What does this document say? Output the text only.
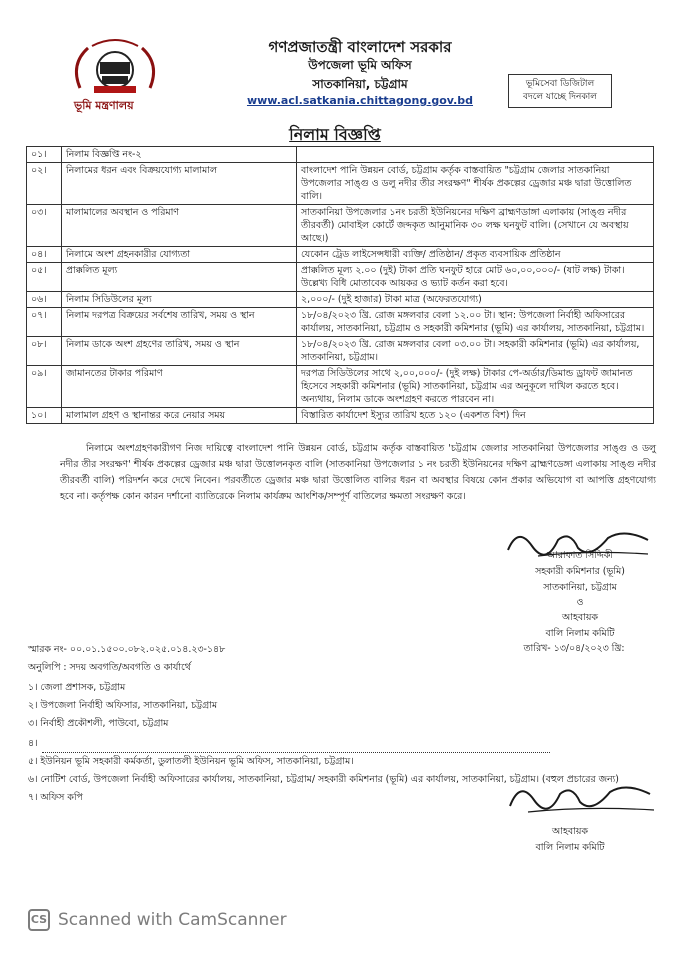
ভূমি মন্ত্রণালয়
গণপ্রজাতন্ত্রী বাংলাদেশ সরকার
উপজেলা ভূমি অফিস
সাতকানিয়া, চট্টগ্রাম
www.acl.satkania.chittagong.gov.bd
ভূমিসেবা ডিজিটাল
বদলে যাচ্ছে দিনকাল
নিলাম বিজ্ঞপ্তি
০১।	নিলাম বিজ্ঞপ্তি নং-২	
০২।	নিলামের ধরন এবং বিক্রয়যোগ্য মালামাল	বাংলাদেশ পানি উন্নয়ন বোর্ড, চট্টগ্রাম কর্তৃক বাস্তবায়িত "চট্টগ্রাম জেলার সাতকানিয়া উপজেলার সাঙ্গু ও ডলু নদীর তীর সংরক্ষণ" শীর্ষক প্রকল্পের ড্রেজার মঞ্চ দ্বারা উত্তোলিত বালি।
০৩।	মালামালের অবস্থান ও পরিমাণ	সাতকানিয়া উপজেলার ১নং চরতী ইউনিয়নের দক্ষিণ ব্রাহ্মণডাঙ্গা এলাকায় (সাঙ্গু নদীর তীরবর্তী) মোবাইল কোর্টে জব্দকৃত আনুমানিক ৩০ লক্ষ ঘনফুট বালি। (সেখানে যে অবস্থায় আছে।)
০৪।	নিলামে অংশ গ্রহনকারীর যোগ্যতা	যেকোন ট্রেড লাইসেন্সধারী ব্যক্তি/ প্রতিষ্ঠান/ প্রকৃত ব্যবসায়িক প্রতিষ্ঠান
০৫।	প্রাক্কলিত মূল্য	প্রাক্কলিত মূল্য ২.০০ (দুই) টাকা প্রতি ঘনফুট হারে মোট ৬০,০০,০০০/- (ষাট লক্ষ) টাকা। উল্লেখ্য বিধি মোতাবেক আয়কর ও ভ্যাট কর্তন করা হবে।
০৬।	নিলাম সিডিউলের মূল্য	২,০০০/- (দুই হাজার) টাকা মাত্র (অফেরতযোগ্য)
০৭।	নিলাম দরপত্র বিক্রয়ের সর্বশেষ তারিখ, সময় ও স্থান	১৮/০৪/২০২৩ খ্রি. রোজ মঙ্গলবার বেলা ১২.০০ টা। স্থান: উপজেলা নির্বাহী অফিসারের কার্যালয়, সাতকানিয়া, চট্টগ্রাম ও সহকারী কমিশনার (ভূমি) এর কার্যালয়, সাতকানিয়া, চট্টগ্রাম।
০৮।	নিলাম ডাকে অংশ গ্রহণের তারিখ, সময় ও স্থান	১৮/০৪/২০২৩ খ্রি. রোজ মঙ্গলবার বেলা ০৩.০০ টা। সহকারী কমিশনার (ভূমি) এর কার্যালয়, সাতকানিয়া, চট্টগ্রাম।
০৯।	জামানতের টাকার পরিমাণ	দরপত্র সিডিউলের সাথে ২,০০,০০০/- (দুই লক্ষ) টাকার পে-অর্ডার/ডিমান্ড ড্রাফট জামানত হিসেবে সহকারী কমিশনার (ভূমি) সাতকানিয়া, চট্টগ্রাম এর অনুকূলে দাখিল করতে হবে। অন্যথায়, নিলাম ডাকে অংশগ্রহণ করতে পারবেন না।
১০।	মালামাল গ্রহণ ও স্থানান্তর করে নেয়ার সময়	বিস্তারিত কার্যাদেশ ইস্যুর তারিখ হতে ১২০ (একশত বিশ) দিন
নিলামে অংশগ্রহণকারীগণ নিজ দায়িত্বে বাংলাদেশ পানি উন্নয়ন বোর্ড, চট্টগ্রাম কর্তৃক বাস্তবায়িত 'চট্টগ্রাম জেলার সাতকানিয়া উপজেলার সাঙ্গু ও ডলু নদীর তীর সংরক্ষণ' শীর্ষক প্রকল্পের ড্রেজার মঞ্চ দ্বারা উত্তোলনকৃত বালি (সাতকানিয়া উপজেলার ১ নং চরতী ইউনিয়নের দক্ষিণ ব্রাহ্মণডেঙ্গা এলাকায় সাঙ্গু নদীর তীরবর্তী বালি) পরিদর্শন করে দেখে নিবেন। পরবর্তীতে ড্রেজার মঞ্চ দ্বারা উত্তোলিত বালির ধরন বা অবস্থার বিষয়ে কোন প্রকার অভিযোগ বা আপত্তি গ্রহণযোগ্য হবে না। কর্তৃপক্ষ কোন কারন দর্শানো ব্যাতিরেকে নিলাম কার্যক্রম আংশিক/সম্পূর্ণ বাতিলের ক্ষমতা সংরক্ষণ করে।
আরাফাত সিদ্দিকী
সহকারী কমিশনার (ভূমি)
সাতকানিয়া, চট্টগ্রাম
ও
আহবায়ক
বালি নিলাম কমিটি
তারিখ- ১৩/০৪/২০২৩ খ্রি:
স্মারক নং- ০০.০১.১৫০০.০৮২.০২৫.০১৪.২৩-১৪৮
অনুলিপি : সদয় অবগতি/অবগতি ও কার্যার্থে
১। জেলা প্রশাসক, চট্টগ্রাম
২। উপজেলা নির্বাহী অফিসার, সাতকানিয়া, চট্টগ্রাম
৩। নির্বাহী প্রকৌশলী, পাউবো, চট্টগ্রাম
৪।
৫। ইউনিয়ন ভূমি সহকারী কর্মকর্তা, ডুলাতলী ইউনিয়ন ভূমি অফিস, সাতকানিয়া, চট্টগ্রাম।
৬। নোটিশ বোর্ড, উপজেলা নির্বাহী অফিসারের কার্যালয়, সাতকানিয়া, চট্টগ্রাম/ সহকারী কমিশনার (ভূমি) এর কার্যালয়, সাতকানিয়া, চট্টগ্রাম। (বহুল প্রচারের জন্য)
৭। অফিস কপি
আহবায়ক
বালি নিলাম কমিটি
CS Scanned with CamScanner
